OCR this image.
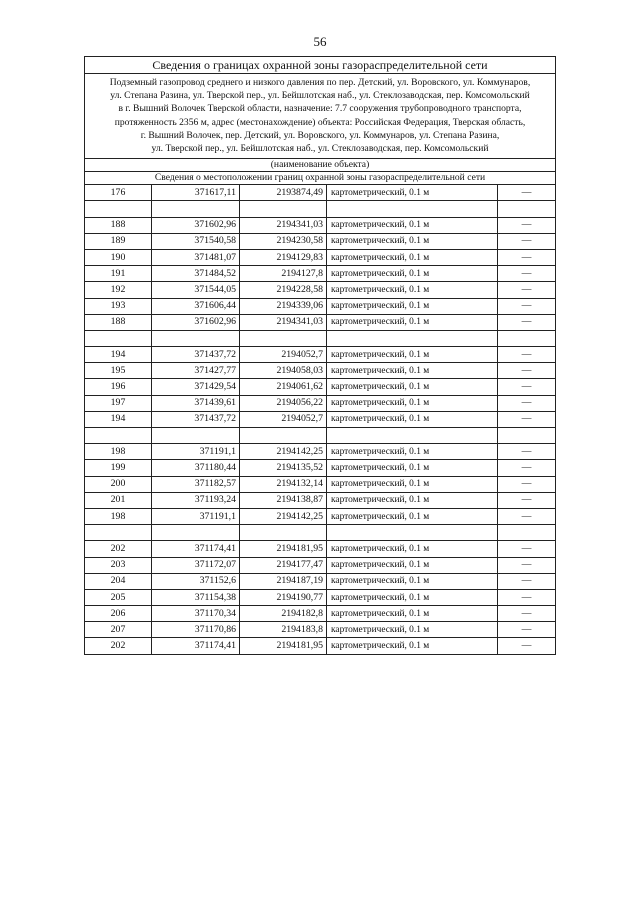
56
Сведения о границах охранной зоны газораспределительной сети
Подземный газопровод среднего и низкого давления по пер. Детский, ул. Воровского, ул. Коммунаров,
ул. Степана Разина, ул. Тверской пер., ул. Бейшлотская наб., ул. Стеклозаводская, пер. Комсомольский
в г. Вышний Волочек Тверской области, назначение: 7.7 сооружения трубопроводного транспорта,
протяженность 2356 м, адрес (местонахождение) объекта: Российская Федерация, Тверская область,
г. Вышний Волочек, пер. Детский, ул. Воровского, ул. Коммунаров, ул. Степана Разина,
ул. Тверской пер., ул. Бейшлотская наб., ул. Стеклозаводская, пер. Комсомольский
(наименование объекта)
Сведения о местоположении границ охранной зоны газораспределительной сети
176	371617,11	2193874,49	картометрический, 0.1 м	—

188	371602,96	2194341,03	картометрический, 0.1 м	—
189	371540,58	2194230,58	картометрический, 0.1 м	—
190	371481,07	2194129,83	картометрический, 0.1 м	—
191	371484,52	2194127,8	картометрический, 0.1 м	—
192	371544,05	2194228,58	картометрический, 0.1 м	—
193	371606,44	2194339,06	картометрический, 0.1 м	—
188	371602,96	2194341,03	картометрический, 0.1 м	—

194	371437,72	2194052,7	картометрический, 0.1 м	—
195	371427,77	2194058,03	картометрический, 0.1 м	—
196	371429,54	2194061,62	картометрический, 0.1 м	—
197	371439,61	2194056,22	картометрический, 0.1 м	—
194	371437,72	2194052,7	картометрический, 0.1 м	—

198	371191,1	2194142,25	картометрический, 0.1 м	—
199	371180,44	2194135,52	картометрический, 0.1 м	—
200	371182,57	2194132,14	картометрический, 0.1 м	—
201	371193,24	2194138,87	картометрический, 0.1 м	—
198	371191,1	2194142,25	картометрический, 0.1 м	—

202	371174,41	2194181,95	картометрический, 0.1 м	—
203	371172,07	2194177,47	картометрический, 0.1 м	—
204	371152,6	2194187,19	картометрический, 0.1 м	—
205	371154,38	2194190,77	картометрический, 0.1 м	—
206	371170,34	2194182,8	картометрический, 0.1 м	—
207	371170,86	2194183,8	картометрический, 0.1 м	—
202	371174,41	2194181,95	картометрический, 0.1 м	—
